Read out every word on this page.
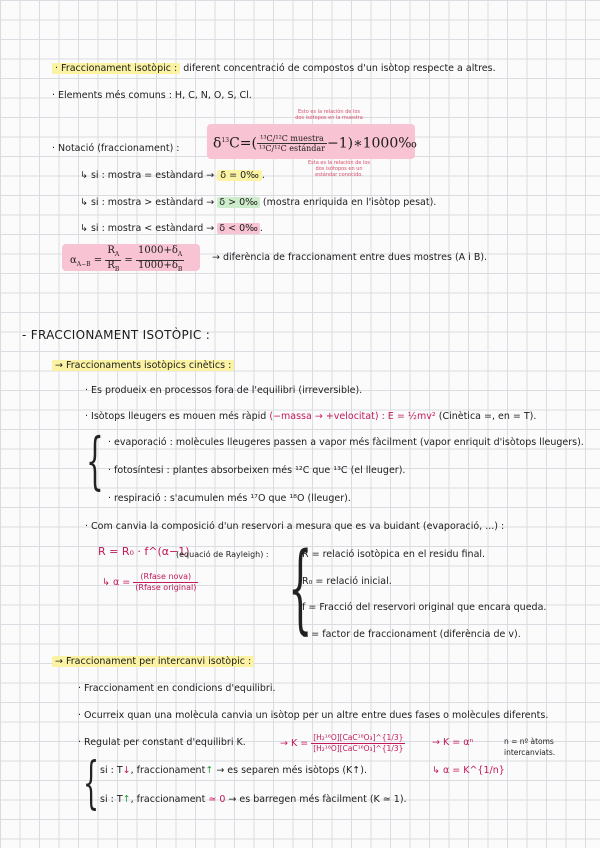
· Fraccionament isotòpic : diferent concentració de compostos d'un isòtop respecte a altres.
· Elements més comuns : H, C, N, O, S, Cl.
· Notació (fraccionament) :
Esto es la relación de los dos isótopos en la muestra
$\delta^{13}C=( \frac{\text{¹³C/¹²C muestra}}{\text{¹³C/¹²C estándar}}$ −1)∗1000‰
Esta es la relación de los dos isótopos en un estándar conocido.
↳ si : mostra = estàndard → δ = 0‰ .
↳ si : mostra > estàndard → δ > 0‰ (mostra enriquida en l'isòtop pesat).
↳ si : mostra < estàndard → δ < 0‰ .
$\alpha_{A-B} = \frac{R_A}{R_B} = \frac{1000+\delta_A}{1000+\delta_B}$	→ diferència de fraccionament entre dues mostres (A i B).
- FRACCIONAMENT ISOTÒPIC :
→ Fraccionaments isotòpics cinètics :
· Es produeix en processos fora de l'equilibri (irreversible).
· Isòtops lleugers es mouen més ràpid (−massa → +velocitat) : E = ½mv² (Cinètica =, en = T).
{ · evaporació : molècules lleugeres passen a vapor més fàcilment (vapor enriquit d'isòtops lleugers).
· fotosíntesi : plantes absorbeixen més ¹²C que ¹³C (el lleuger).
· respiració : s'acumulen més ¹⁷O que ¹⁸O (lleuger).
· Com canvia la composició d'un reservori a mesura que es va buidant (evaporació, ...) :
R = R₀ · f^(α−1)
(equació de Rayleigh) :
↳ $\alpha = \frac{\text{(Rfase nova)}}{\text{(Rfase original)}}$ {
R = relació isotòpica en el residu final.
R₀ = relació inicial.
f = Fracció del reservori original que encara queda.
α = factor de fraccionament (diferència de v).
→ Fraccionament per intercanvi isotòpic :
· Fraccionament en condicions d'equilibri.
· Ocurreix quan una molècula canvia un isòtop per un altre entre dues fases o molècules diferents.
· Regulat per constant d'equilibri K.	→ $K = \frac{\text{[H₂¹⁶O][CaC¹⁸O₃]\textasciicircum{}\{1/3\}}}{\text{[H₂¹⁸O][CaC¹⁶O₃]\textasciicircum{}\{1/3\}}}$	→ K = αⁿ	n = nº àtoms intercanviats.
↳ α = K^{1/n}
{ si : T↓, fraccionament↑ → es separen més isòtops (K↑).
si : T↑, fraccionament ≃ 0 → es barregen més fàcilment (K ≃ 1).
